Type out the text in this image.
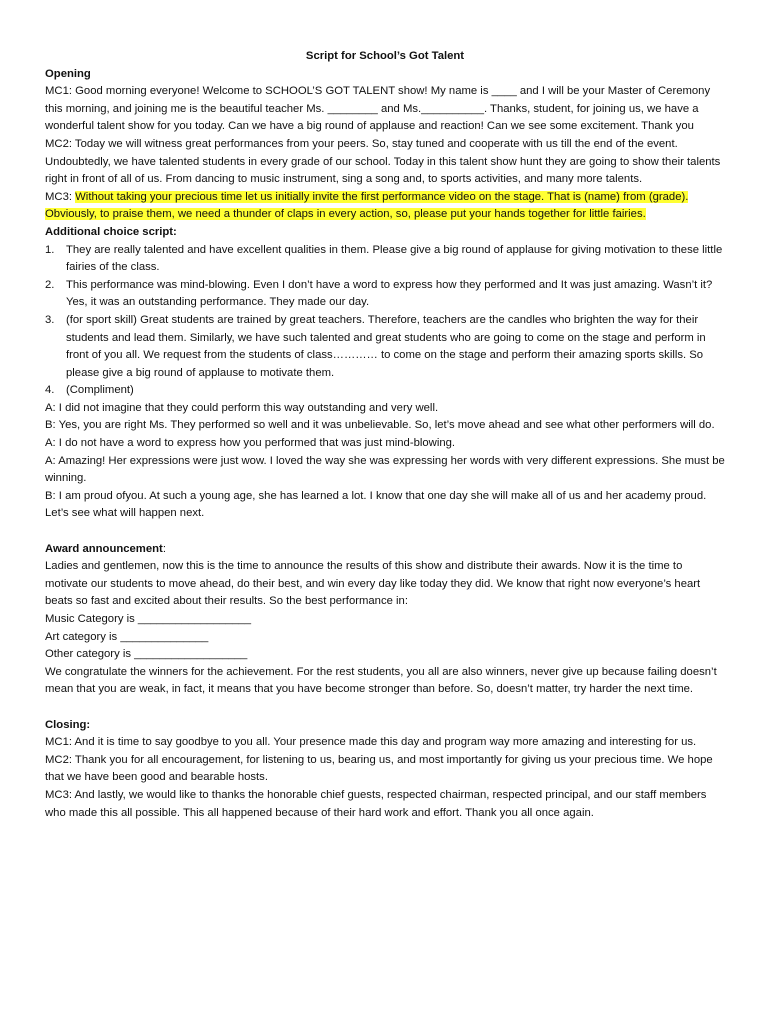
Script for School’s Got Talent

Opening

MC1: Good morning everyone! Welcome to SCHOOL’S GOT TALENT show! My name is ____ and I will be your Master of Ceremony this morning, and joining me is the beautiful teacher Ms. ________ and Ms.__________. Thanks, student, for joining us, we have a wonderful talent show for you today. Can we have a big round of applause and reaction! Can we see some excitement. Thank you

MC2: Today we will witness great performances from your peers. So, stay tuned and cooperate with us till the end of the event. Undoubtedly, we have talented students in every grade of our school. Today in this talent show hunt they are going to show their talents right in front of all of us. From dancing to music instrument, sing a song and, to sports activities, and many more talents.

MC3: Without taking your precious time let us initially invite the first performance video on the stage. That is (name) from (grade). Obviously, to praise them, we need a thunder of claps in every action, so, please put your hands together for little fairies.

Additional choice script:

1. They are really talented and have excellent qualities in them. Please give a big round of applause for giving motivation to these little fairies of the class.
2. This performance was mind-blowing. Even I don’t have a word to express how they performed and It was just amazing. Wasn’t it? Yes, it was an outstanding performance. They made our day.
3. (for sport skill) Great students are trained by great teachers. Therefore, teachers are the candles who brighten the way for their students and lead them. Similarly, we have such talented and great students who are going to come on the stage and perform in front of you all. We request from the students of class………… to come on the stage and perform their amazing sports skills. So please give a big round of applause to motivate them.
4. (Compliment)

A: I did not imagine that they could perform this way outstanding and very well.

B: Yes, you are right Ms. They performed so well and it was unbelievable. So, let’s move ahead and see what other performers will do.

A: I do not have a word to express how you performed that was just mind-blowing.

A: Amazing! Her expressions were just wow. I loved the way she was expressing her words with very different expressions. She must be winning.

B: I am proud ofyou. At such a young age, she has learned a lot. I know that one day she will make all of us and her academy proud. Let’s see what will happen next.

Award announcement:

Ladies and gentlemen, now this is the time to announce the results of this show and distribute their awards. Now it is the time to motivate our students to move ahead, do their best, and win every day like today they did. We know that right now everyone’s heart beats so fast and excited about their results. So the best performance in:

Music Category is __________________

Art category is ______________

Other category is __________________

We congratulate the winners for the achievement. For the rest students, you all are also winners, never give up because failing doesn’t mean that you are weak, in fact, it means that you have become stronger than before. So, doesn’t matter, try harder the next time.

Closing:

MC1: And it is time to say goodbye to you all. Your presence made this day and program way more amazing and interesting for us.

MC2: Thank you for all encouragement, for listening to us, bearing us, and most importantly for giving us your precious time. We hope that we have been good and bearable hosts.

MC3: And lastly, we would like to thanks the honorable chief guests, respected chairman, respected principal, and our staff members who made this all possible. This all happened because of their hard work and effort. Thank you all once again.
